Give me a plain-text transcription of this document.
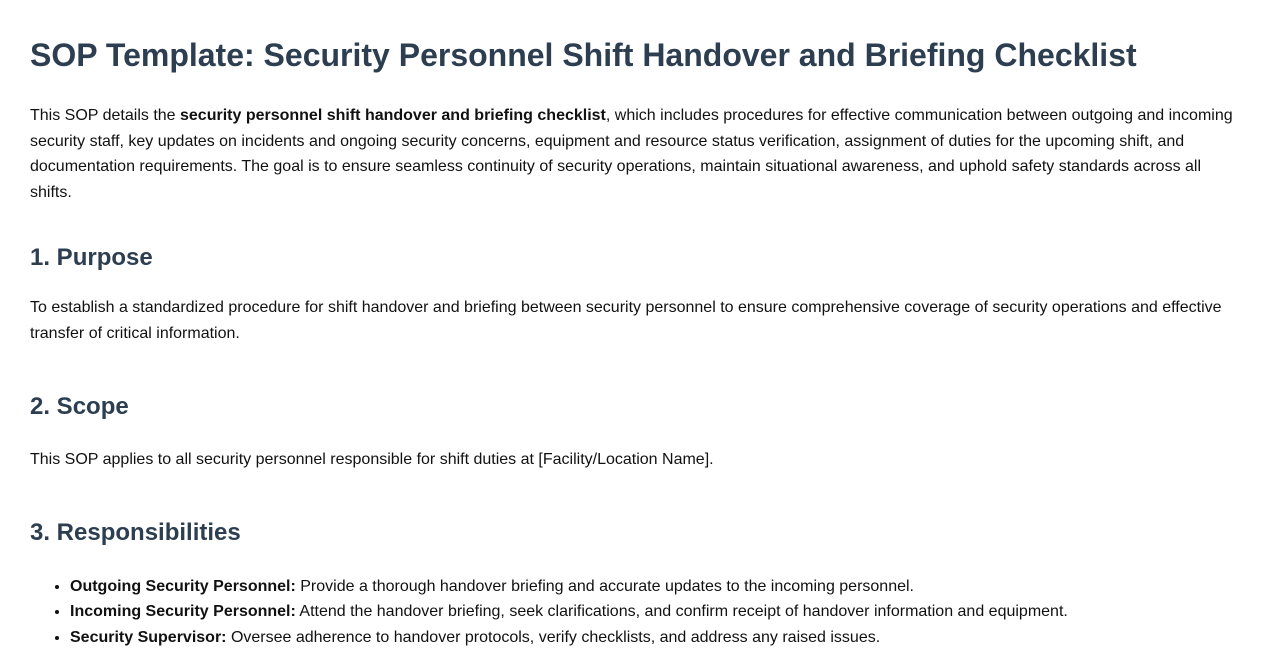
SOP Template: Security Personnel Shift Handover and Briefing Checklist

This SOP details the security personnel shift handover and briefing checklist, which includes procedures for effective communication between outgoing and incoming security staff, key updates on incidents and ongoing security concerns, equipment and resource status verification, assignment of duties for the upcoming shift, and documentation requirements. The goal is to ensure seamless continuity of security operations, maintain situational awareness, and uphold safety standards across all shifts.

1. Purpose

To establish a standardized procedure for shift handover and briefing between security personnel to ensure comprehensive coverage of security operations and effective transfer of critical information.

2. Scope

This SOP applies to all security personnel responsible for shift duties at [Facility/Location Name].

3. Responsibilities
• Outgoing Security Personnel: Provide a thorough handover briefing and accurate updates to the incoming personnel.
• Incoming Security Personnel: Attend the handover briefing, seek clarifications, and confirm receipt of handover information and equipment.
• Security Supervisor: Oversee adherence to handover protocols, verify checklists, and address any raised issues.
